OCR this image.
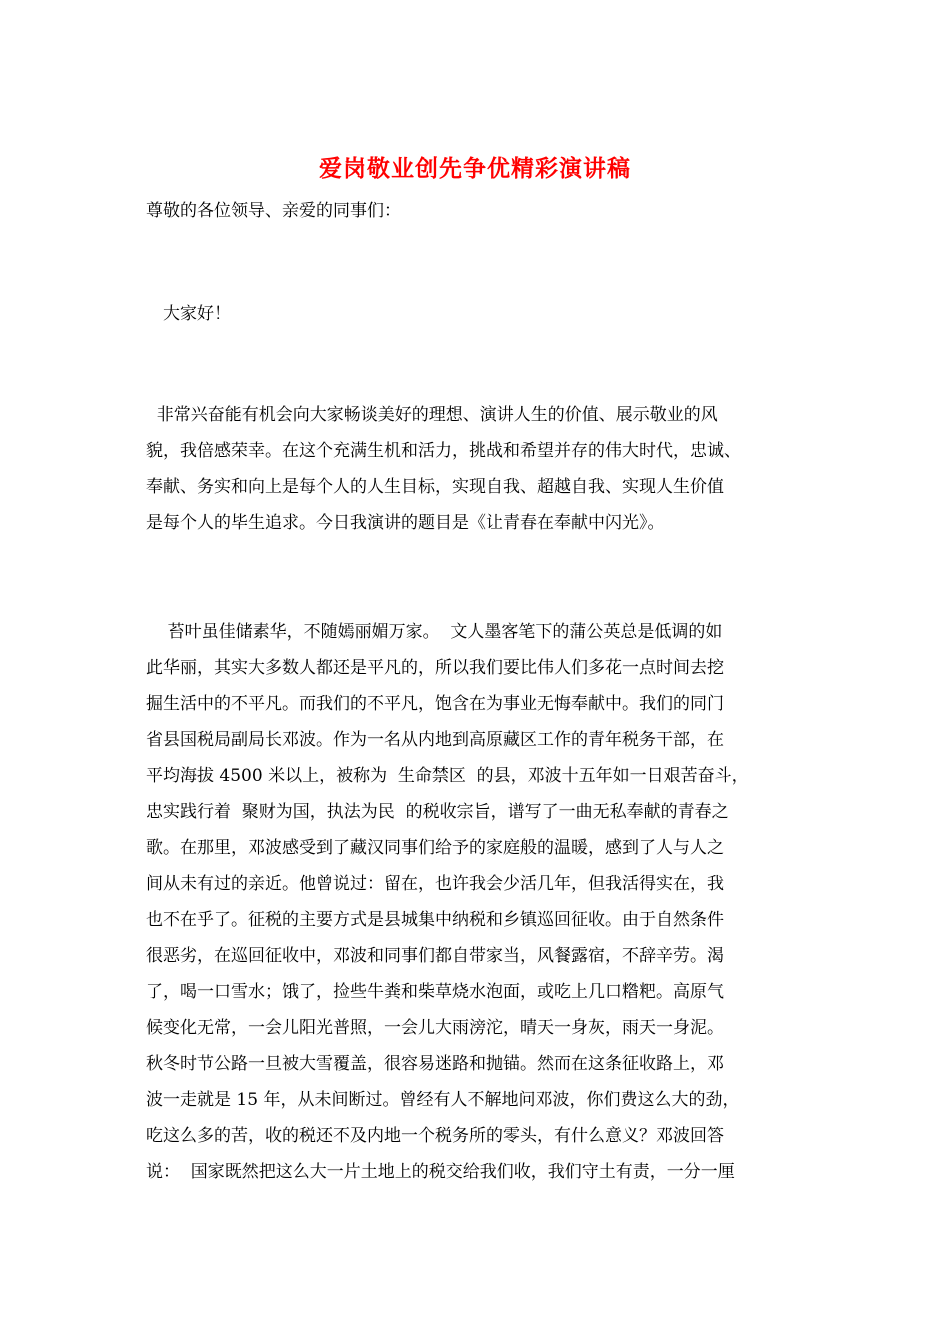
爱岗敬业创先争优精彩演讲稿
尊敬的各位领导、亲爱的同事们：
大家好！
非常兴奋能有机会向大家畅谈美好的理想、演讲人生的价值、展示敬业的风
貌，我倍感荣幸。在这个充满生机和活力，挑战和希望并存的伟大时代，忠诚、
奉献、务实和向上是每个人的人生目标，实现自我、超越自我、实现人生价值
是每个人的毕生追求。今日我演讲的题目是《让青春在奉献中闪光》。
苔叶虽佳储素华，不随嫣丽媚万家。  文人墨客笔下的蒲公英总是低调的如
此华丽，其实大多数人都还是平凡的，所以我们要比伟人们多花一点时间去挖
掘生活中的不平凡。而我们的不平凡，饱含在为事业无悔奉献中。我们的同门
省县国税局副局长邓波。作为一名从内地到高原藏区工作的青年税务干部，在
平均海拔 4500 米以上，被称为  生命禁区  的县，邓波十五年如一日艰苦奋斗，
忠实践行着  聚财为国，执法为民  的税收宗旨，谱写了一曲无私奉献的青春之
歌。在那里，邓波感受到了藏汉同事们给予的家庭般的温暖，感到了人与人之
间从未有过的亲近。他曾说过：留在，也许我会少活几年，但我活得实在，我
也不在乎了。征税的主要方式是县城集中纳税和乡镇巡回征收。由于自然条件
很恶劣，在巡回征收中，邓波和同事们都自带家当，风餐露宿，不辞辛劳。渴
了，喝一口雪水；饿了，捡些牛粪和柴草烧水泡面，或吃上几口糌粑。高原气
候变化无常，一会儿阳光普照，一会儿大雨滂沱，晴天一身灰，雨天一身泥。
秋冬时节公路一旦被大雪覆盖，很容易迷路和抛锚。然而在这条征收路上，邓
波一走就是 15 年，从未间断过。曾经有人不解地问邓波，你们费这么大的劲，
吃这么多的苦，收的税还不及内地一个税务所的零头，有什么意义？邓波回答
说：  国家既然把这么大一片土地上的税交给我们收，我们守土有责，一分一厘
